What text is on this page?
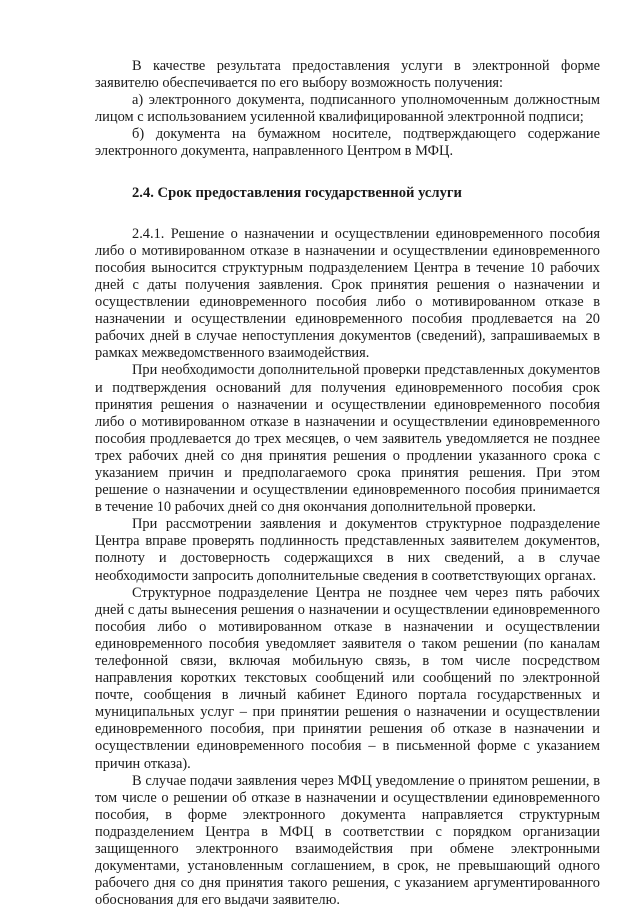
В качестве результата предоставления услуги в электронной форме заявителю обеспечивается по его выбору возможность получения:

а) электронного документа, подписанного уполномоченным должностным лицом с использованием усиленной квалифицированной электронной подписи;

б) документа на бумажном носителе, подтверждающего содержание электронного документа, направленного Центром в МФЦ.

2.4. Срок предоставления государственной услуги

2.4.1. Решение о назначении и осуществлении единовременного пособия либо о мотивированном отказе в назначении и осуществлении единовременного пособия выносится структурным подразделением Центра в течение 10 рабочих дней с даты получения заявления. Срок принятия решения о назначении и осуществлении единовременного пособия либо о мотивированном отказе в назначении и осуществлении единовременного пособия продлевается на 20 рабочих дней в случае непоступления документов (сведений), запрашиваемых в рамках межведомственного взаимодействия.

При необходимости дополнительной проверки представленных документов и подтверждения оснований для получения единовременного пособия срок принятия решения о назначении и осуществлении единовременного пособия либо о мотивированном отказе в назначении и осуществлении единовременного пособия продлевается до трех месяцев, о чем заявитель уведомляется не позднее трех рабочих дней со дня принятия решения о продлении указанного срока с указанием причин и предполагаемого срока принятия решения. При этом решение о назначении и осуществлении единовременного пособия принимается в течение 10 рабочих дней со дня окончания дополнительной проверки.

При рассмотрении заявления и документов структурное подразделение Центра вправе проверять подлинность представленных заявителем документов, полноту и достоверность содержащихся в них сведений, а в случае необходимости запросить дополнительные сведения в соответствующих органах.

Структурное подразделение Центра не позднее чем через пять рабочих дней с даты вынесения решения о назначении и осуществлении единовременного пособия либо о мотивированном отказе в назначении и осуществлении единовременного пособия уведомляет заявителя о таком решении (по каналам телефонной связи, включая мобильную связь, в том числе посредством направления коротких текстовых сообщений или сообщений по электронной почте, сообщения в личный кабинет Единого портала государственных и муниципальных услуг – при принятии решения о назначении и осуществлении единовременного пособия, при принятии решения об отказе в назначении и осуществлении единовременного пособия – в письменной форме с указанием причин отказа).

В случае подачи заявления через МФЦ уведомление о принятом решении, в том числе о решении об отказе в назначении и осуществлении единовременного пособия, в форме электронного документа направляется структурным подразделением Центра в МФЦ в соответствии с порядком организации защищенного электронного взаимодействия при обмене электронными документами, установленным соглашением, в срок, не превышающий одного рабочего дня со дня принятия такого решения, с указанием аргументированного обоснования для его выдачи заявителю.
